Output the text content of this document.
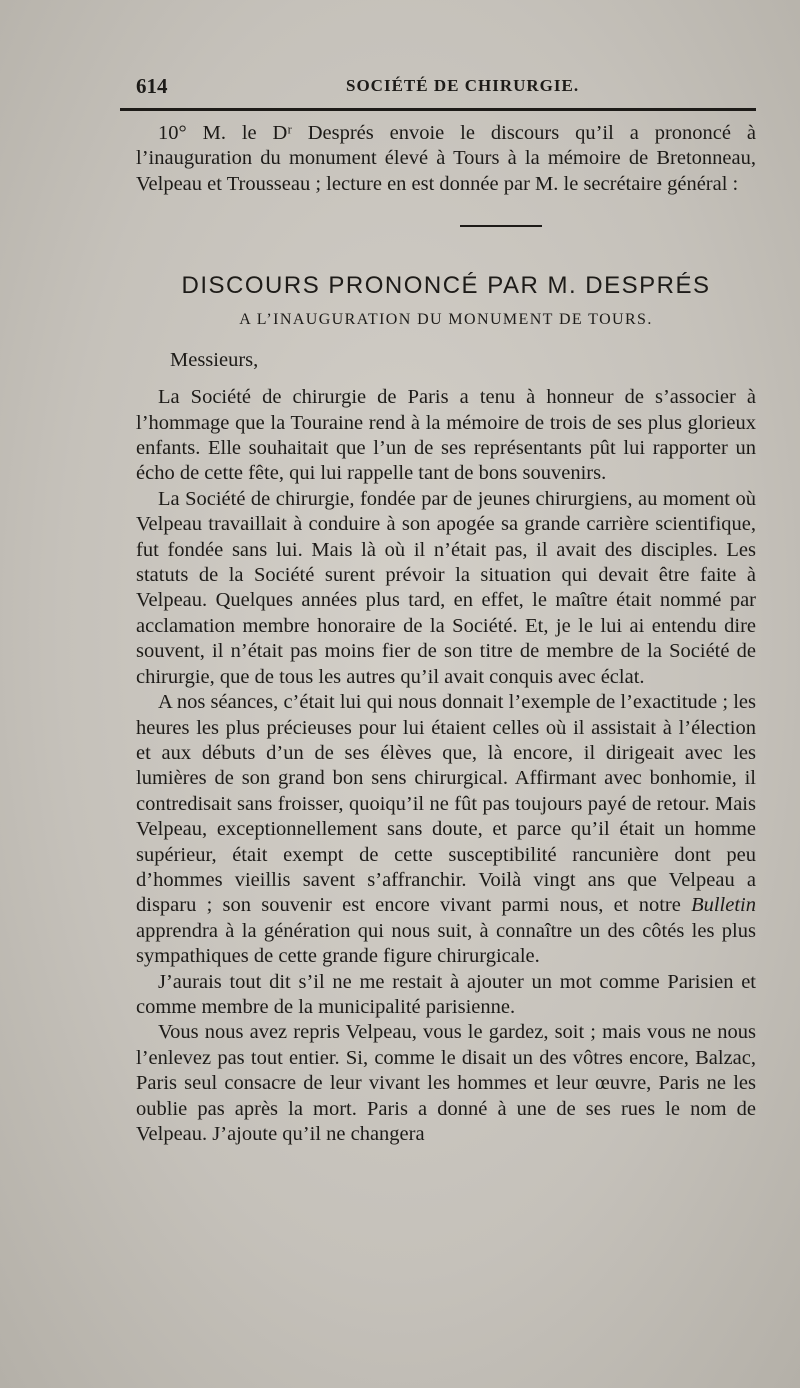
614	SOCIÉTÉ DE CHIRURGIE.

10° M. le Dʳ Després envoie le discours qu’il a prononcé à l’inauguration du monument élevé à Tours à la mémoire de Bretonneau, Velpeau et Trousseau ; lecture en est donnée par M. le secrétaire général :

DISCOURS PRONONCÉ PAR M. DESPRÉS

A L’INAUGURATION DU MONUMENT DE TOURS.

Messieurs,

La Société de chirurgie de Paris a tenu à honneur de s’associer à l’hommage que la Touraine rend à la mémoire de trois de ses plus glorieux enfants. Elle souhaitait que l’un de ses représentants pût lui rapporter un écho de cette fête, qui lui rappelle tant de bons souvenirs.

La Société de chirurgie, fondée par de jeunes chirurgiens, au moment où Velpeau travaillait à conduire à son apogée sa grande carrière scientifique, fut fondée sans lui. Mais là où il n’était pas, il avait des disciples. Les statuts de la Société surent prévoir la situation qui devait être faite à Velpeau. Quelques années plus tard, en effet, le maître était nommé par acclamation membre honoraire de la Société. Et, je le lui ai entendu dire souvent, il n’était pas moins fier de son titre de membre de la Société de chirurgie, que de tous les autres qu’il avait conquis avec éclat.

A nos séances, c’était lui qui nous donnait l’exemple de l’exactitude ; les heures les plus précieuses pour lui étaient celles où il assistait à l’élection et aux débuts d’un de ses élèves que, là encore, il dirigeait avec les lumières de son grand bon sens chirurgical. Affirmant avec bonhomie, il contredisait sans froisser, quoiqu’il ne fût pas toujours payé de retour. Mais Velpeau, exceptionnellement sans doute, et parce qu’il était un homme supérieur, était exempt de cette susceptibilité rancunière dont peu d’hommes vieillis savent s’affranchir. Voilà vingt ans que Velpeau a disparu ; son souvenir est encore vivant parmi nous, et notre Bulletin apprendra à la génération qui nous suit, à connaître un des côtés les plus sympathiques de cette grande figure chirurgicale.

J’aurais tout dit s’il ne me restait à ajouter un mot comme Parisien et comme membre de la municipalité parisienne.

Vous nous avez repris Velpeau, vous le gardez, soit ; mais vous ne nous l’enlevez pas tout entier. Si, comme le disait un des vôtres encore, Balzac, Paris seul consacre de leur vivant les hommes et leur œuvre, Paris ne les oublie pas après la mort. Paris a donné à une de ses rues le nom de Velpeau. J’ajoute qu’il ne changera
